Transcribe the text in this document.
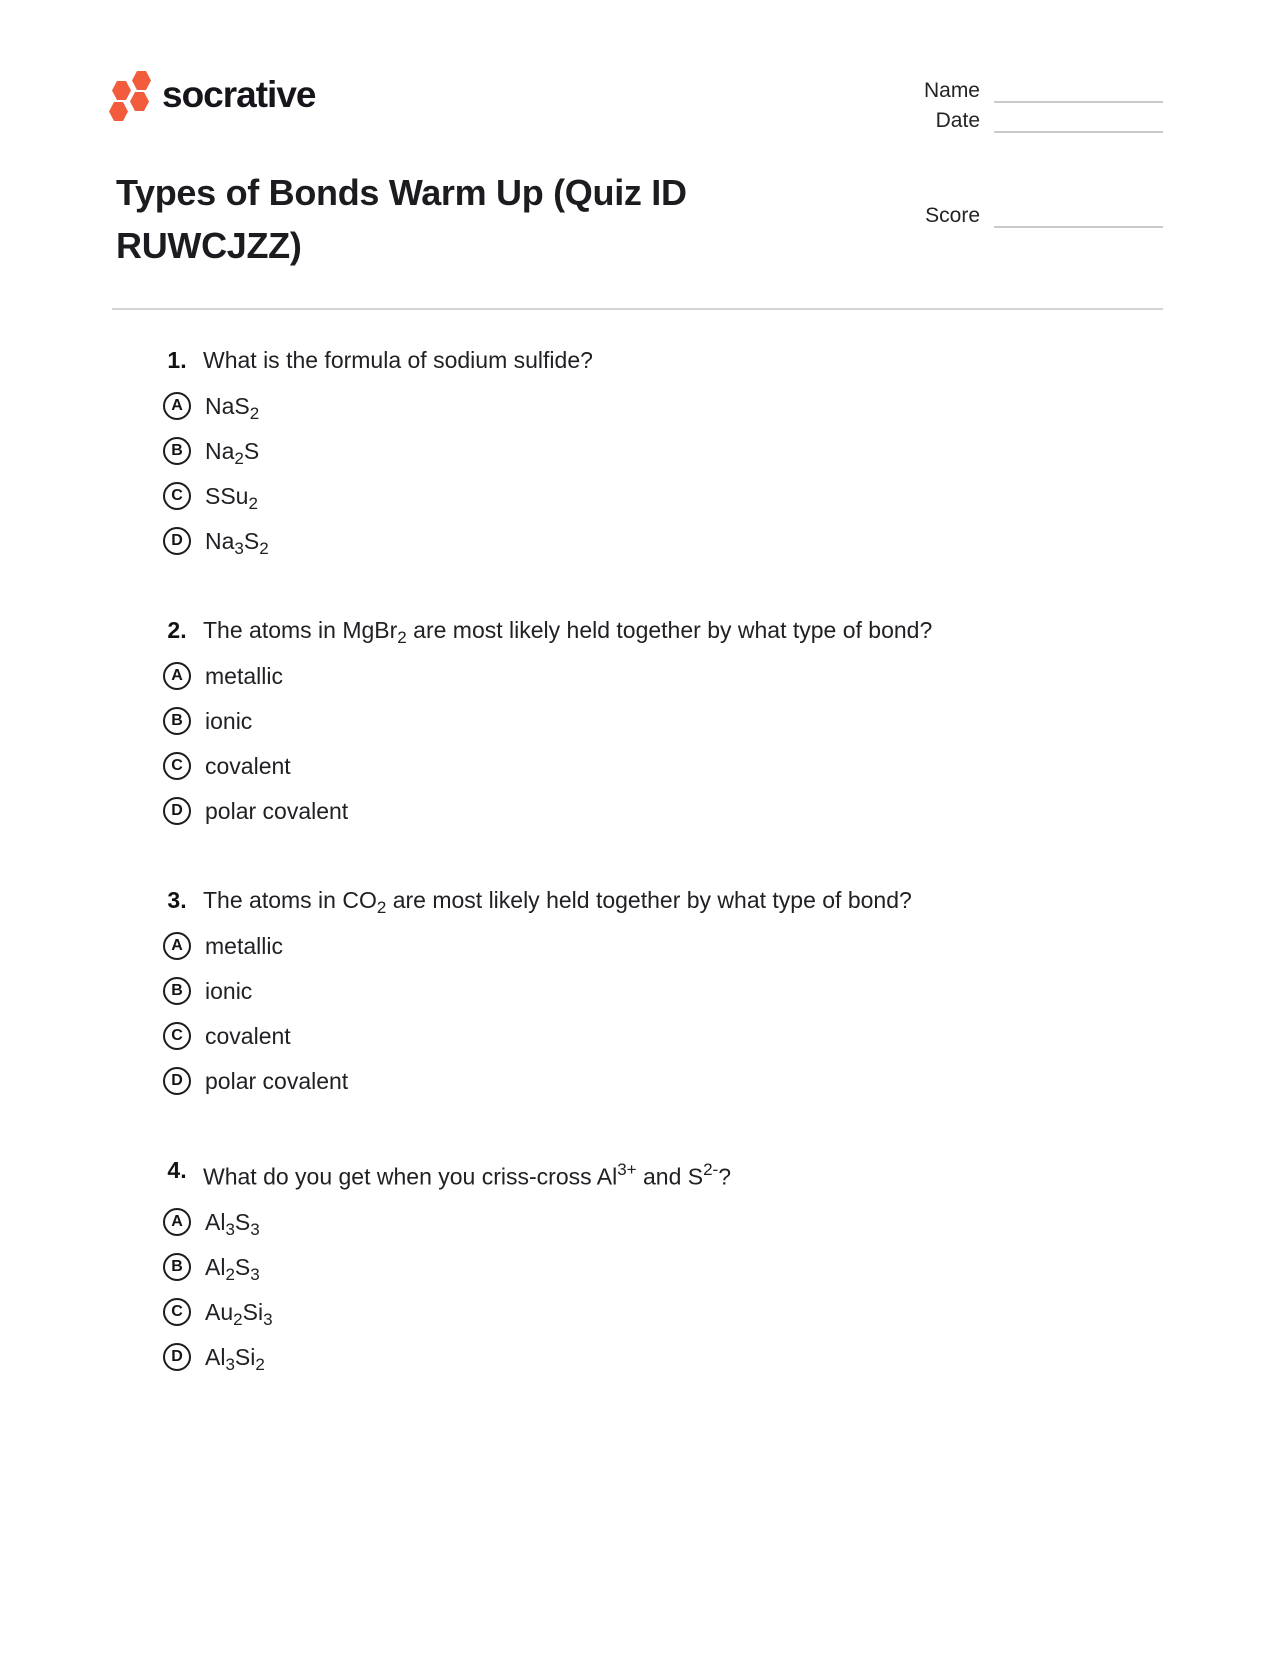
socrative	Name
Date
Score
Types of Bonds Warm Up (Quiz ID RUWCJZZ)
1. What is the formula of sodium sulfide?

A NaS$_2$
B $Na_2S$
C SSu$_2$
D $Na_3S_2$
2. The atoms in MgBr$_2$ are most likely held together by what type of bond?

A metallic
B ionic
C covalent
D polar covalent
3. The atoms in $CO_2$ are most likely held together by what type of bond?

A metallic
B ionic
C covalent
D polar covalent
4. What do you get when you criss-cross $Al^{3+}$ and $S^{2-}$?

A $Al_3S_3$
B $Al_2S_3$
C $Au_2Si_3$
D $Al_3Si_2$
